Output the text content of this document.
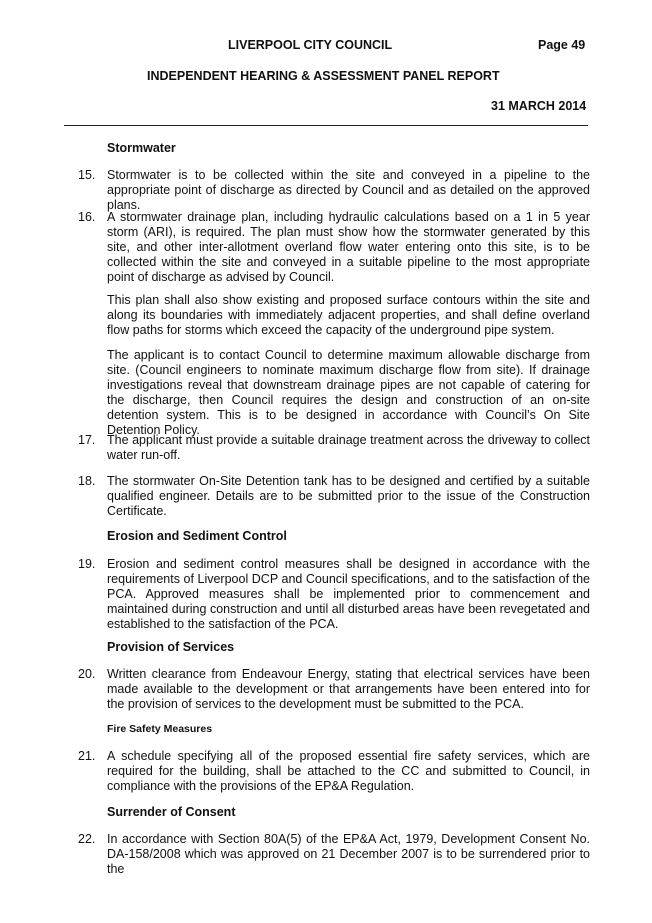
LIVERPOOL CITY COUNCIL	Page 49
INDEPENDENT HEARING & ASSESSMENT PANEL REPORT
31 MARCH 2014
Stormwater
15. Stormwater is to be collected within the site and conveyed in a pipeline to the appropriate point of discharge as directed by Council and as detailed on the approved plans.
16. A stormwater drainage plan, including hydraulic calculations based on a 1 in 5 year storm (ARI), is required. The plan must show how the stormwater generated by this site, and other inter-allotment overland flow water entering onto this site, is to be collected within the site and conveyed in a suitable pipeline to the most appropriate point of discharge as advised by Council.
This plan shall also show existing and proposed surface contours within the site and along its boundaries with immediately adjacent properties, and shall define overland flow paths for storms which exceed the capacity of the underground pipe system.
The applicant is to contact Council to determine maximum allowable discharge from site. (Council engineers to nominate maximum discharge flow from site). If drainage investigations reveal that downstream drainage pipes are not capable of catering for the discharge, then Council requires the design and construction of an on-site detention system. This is to be designed in accordance with Council’s On Site Detention Policy.
17. The applicant must provide a suitable drainage treatment across the driveway to collect water run-off.
18. The stormwater On-Site Detention tank has to be designed and certified by a suitable qualified engineer. Details are to be submitted prior to the issue of the Construction Certificate.
Erosion and Sediment Control
19. Erosion and sediment control measures shall be designed in accordance with the requirements of Liverpool DCP and Council specifications, and to the satisfaction of the PCA. Approved measures shall be implemented prior to commencement and maintained during construction and until all disturbed areas have been revegetated and established to the satisfaction of the PCA.
Provision of Services
20. Written clearance from Endeavour Energy, stating that electrical services have been made available to the development or that arrangements have been entered into for the provision of services to the development must be submitted to the PCA.
Fire Safety Measures
21. A schedule specifying all of the proposed essential fire safety services, which are required for the building, shall be attached to the CC and submitted to Council, in compliance with the provisions of the EP&A Regulation.
Surrender of Consent
22. In accordance with Section 80A(5) of the EP&A Act, 1979, Development Consent No. DA-158/2008 which was approved on 21 December 2007 is to be surrendered prior to the
